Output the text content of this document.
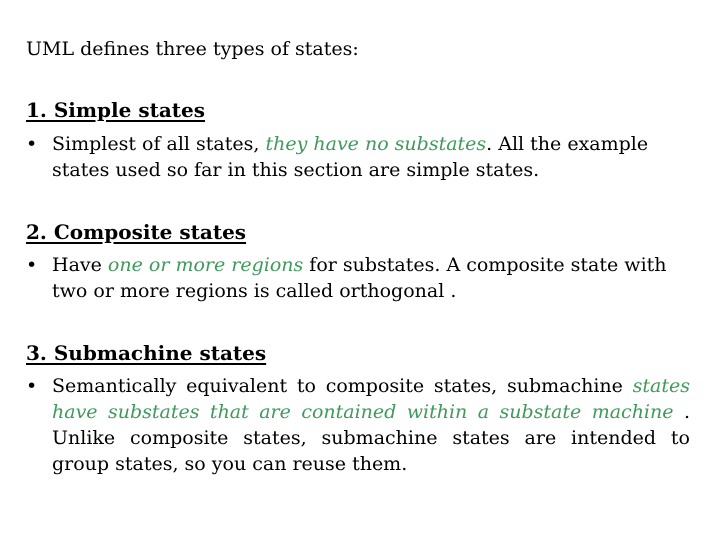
UML defines three types of states:
1. Simple states
• Simplest of all states, they have no substates. All the example states used so far in this section are simple states.
2. Composite states
• Have one or more regions for substates. A composite state with two or more regions is called orthogonal .
3. Submachine states
• Semantically equivalent to composite states, submachine states have substates that are contained within a substate machine . Unlike composite states, submachine states are intended to group states, so you can reuse them.
